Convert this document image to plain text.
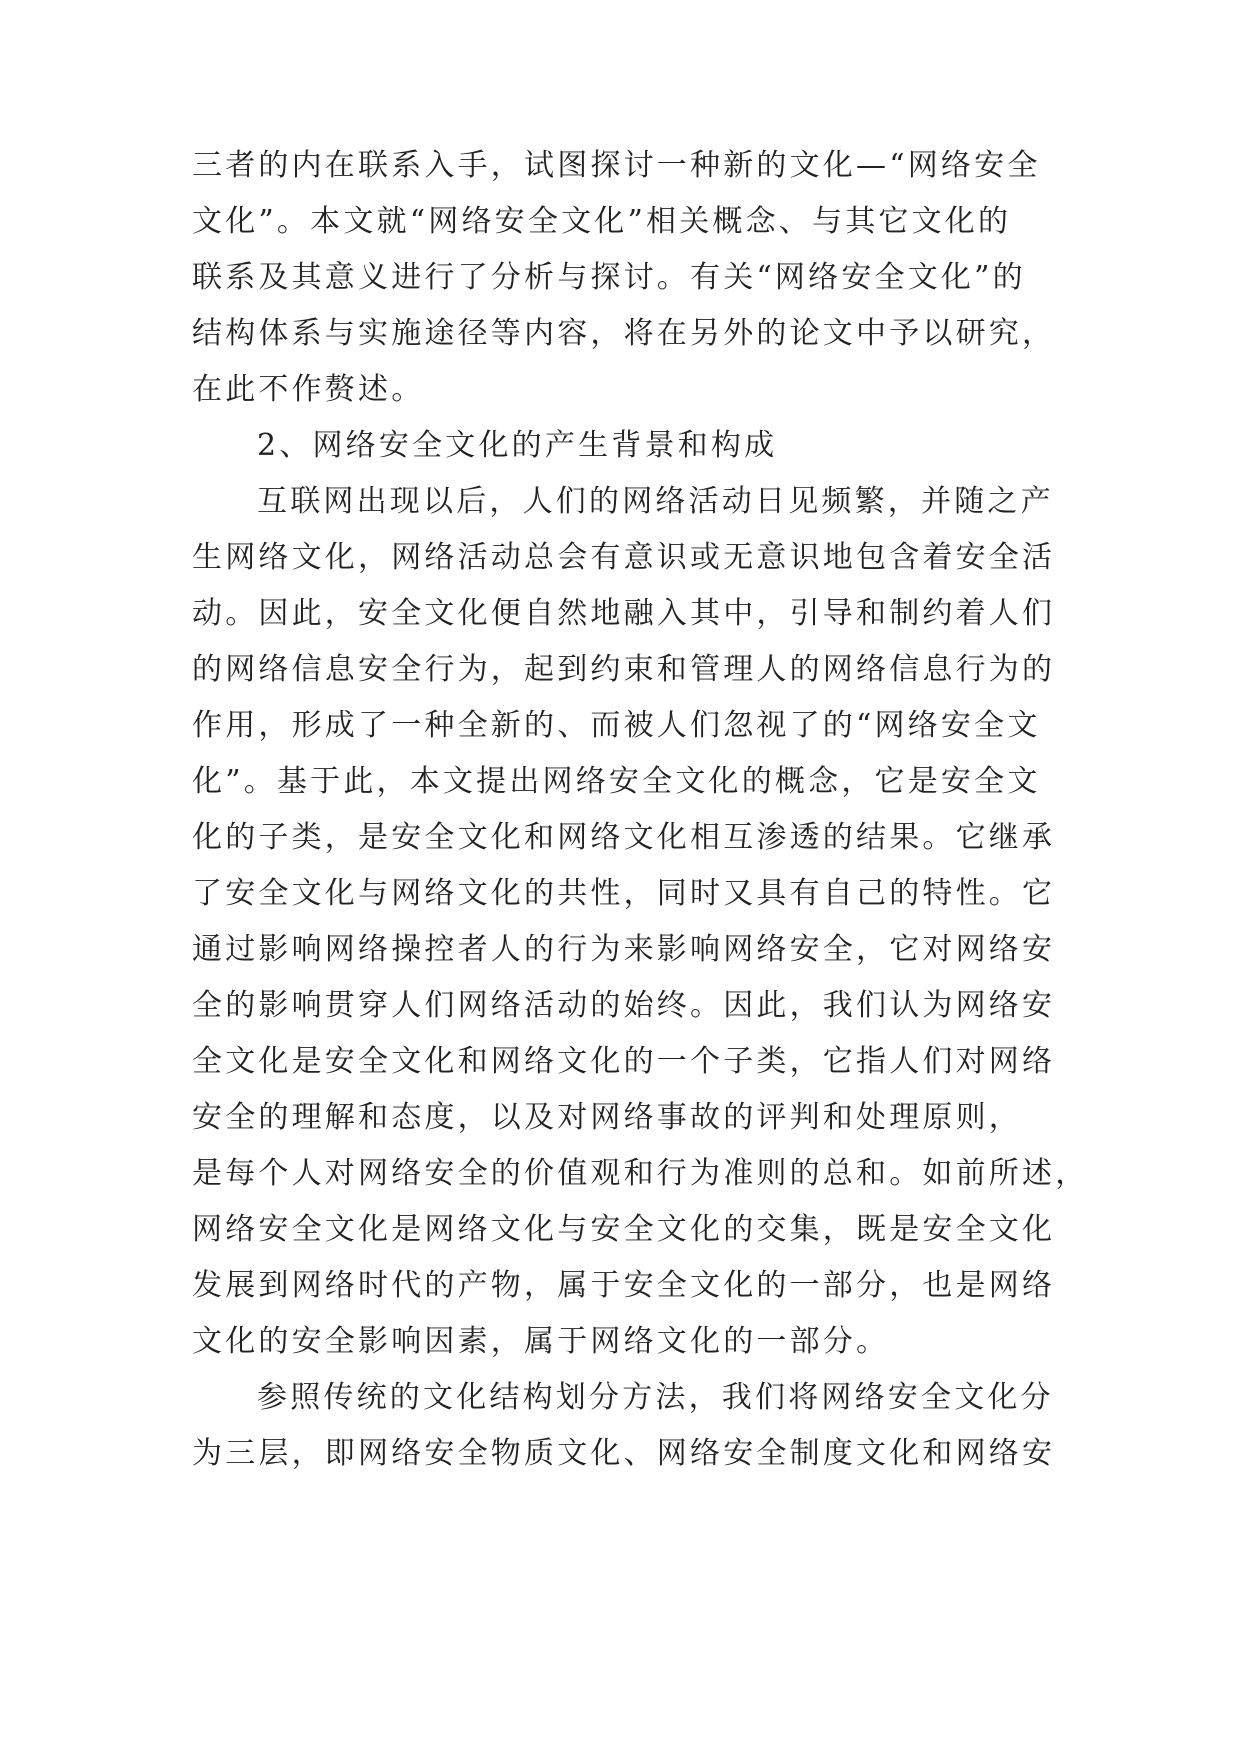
三者的内在联系入手，试图探讨一种新的文化—“网络安全
文化”。本文就“网络安全文化”相关概念、与其它文化的
联系及其意义进行了分析与探讨。有关“网络安全文化”的
结构体系与实施途径等内容，将在另外的论文中予以研究，
在此不作赘述。
2、网络安全文化的产生背景和构成
互联网出现以后，人们的网络活动日见频繁，并随之产
生网络文化，网络活动总会有意识或无意识地包含着安全活
动。因此，安全文化便自然地融入其中，引导和制约着人们
的网络信息安全行为，起到约束和管理人的网络信息行为的
作用，形成了一种全新的、而被人们忽视了的“网络安全文
化”。基于此，本文提出网络安全文化的概念，它是安全文
化的子类，是安全文化和网络文化相互渗透的结果。它继承
了安全文化与网络文化的共性，同时又具有自己的特性。它
通过影响网络操控者人的行为来影响网络安全，它对网络安
全的影响贯穿人们网络活动的始终。因此，我们认为网络安
全文化是安全文化和网络文化的一个子类，它指人们对网络
安全的理解和态度，以及对网络事故的评判和处理原则，
是每个人对网络安全的价值观和行为准则的总和。如前所述，
网络安全文化是网络文化与安全文化的交集，既是安全文化
发展到网络时代的产物，属于安全文化的一部分，也是网络
文化的安全影响因素，属于网络文化的一部分。
参照传统的文化结构划分方法，我们将网络安全文化分
为三层，即网络安全物质文化、网络安全制度文化和网络安
